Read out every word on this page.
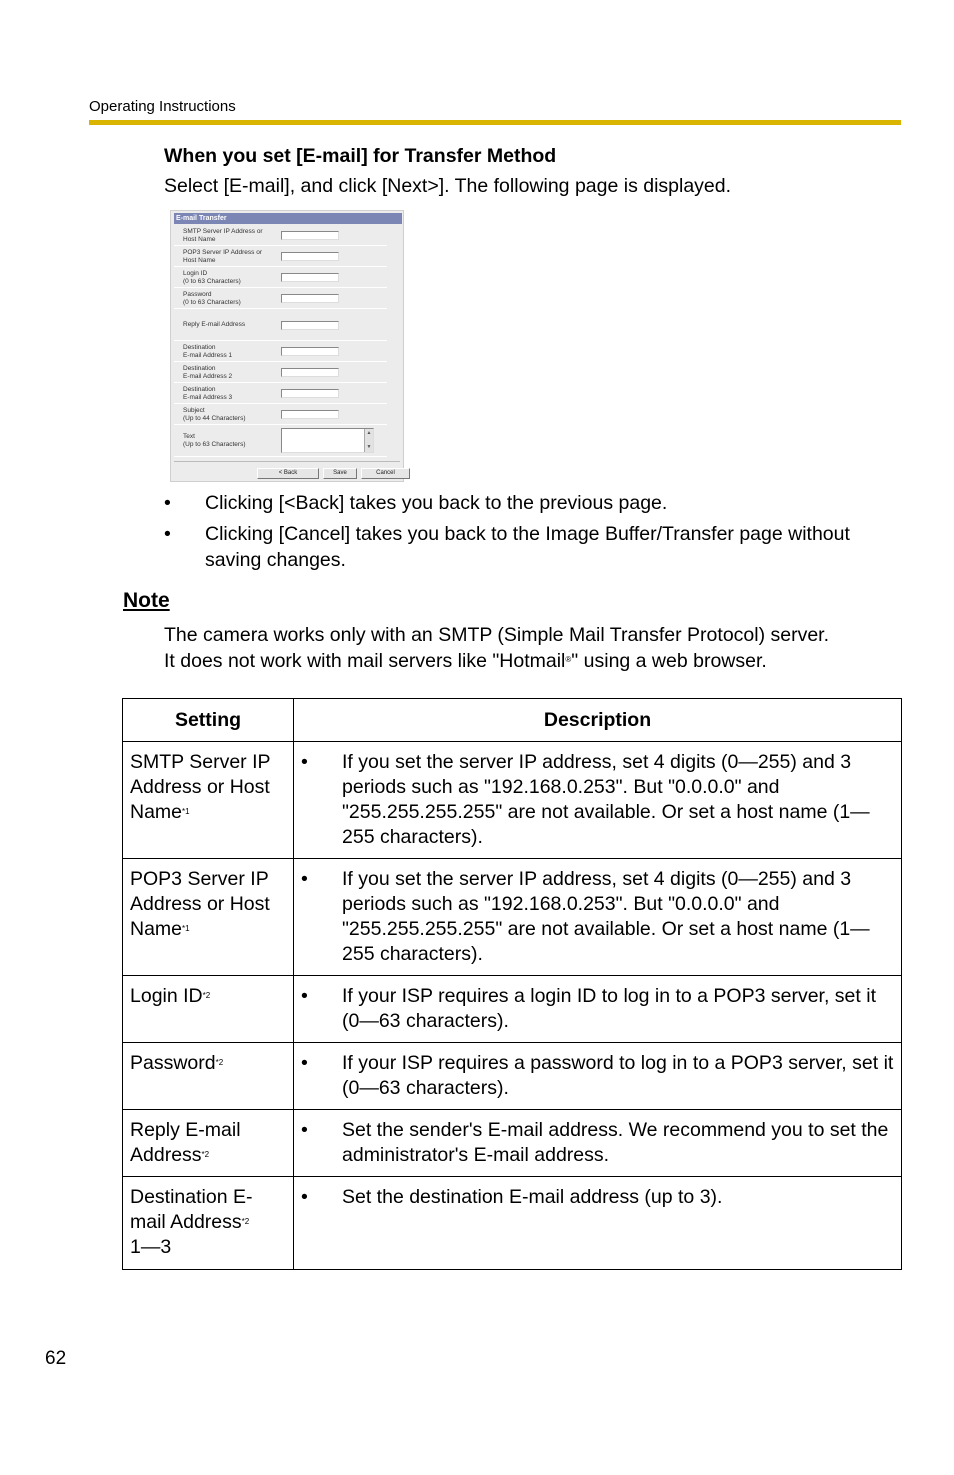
Operating Instructions
When you set [E-mail] for Transfer Method
Select [E-mail], and click [Next>]. The following page is displayed.
E-mail Transfer
SMTP Server IP Address or
Host Name
POP3 Server IP Address or
Host Name
Login ID
(0 to 63 Characters)
Password
(0 to 63 Characters)
Reply E-mail Address
Destination
E-mail Address 1
Destination
E-mail Address 2
Destination
E-mail Address 3
Subject
(Up to 44 Characters)
Text
(Up to 63 Characters)
▲
▼
< Back	Save	Cancel
• Clicking [<Back] takes you back to the previous page.
• Clicking [Cancel] takes you back to the Image Buffer/Transfer page without saving changes.
Note
The camera works only with an SMTP (Simple Mail Transfer Protocol) server.
It does not work with mail servers like "Hotmail®" using a web browser.
Setting	Description
SMTP Server IP Address or Host Name$^{*1}$	• If you set the server IP address, set 4 digits (0—255) and 3 periods such as "192.168.0.253". But "0.0.0.0" and "255.255.255.255" are not available. Or set a host name (1—255 characters).

POP3 Server IP Address or Host Name$^{*1}$	• If you set the server IP address, set 4 digits (0—255) and 3 periods such as "192.168.0.253". But "0.0.0.0" and "255.255.255.255" are not available. Or set a host name (1—255 characters).

Login ID$^{*2}$	• If your ISP requires a login ID to log in to a POP3 server, set it (0—63 characters).

Password$^{*2}$	• If your ISP requires a password to log in to a POP3 server, set it (0—63 characters).

Reply E-mail Address$^{*2}$	• Set the sender's E-mail address. We recommend you to set the administrator's E-mail address.

Destination E-mail Address$^{*2}$
1—3	• Set the destination E-mail address (up to 3).
62
